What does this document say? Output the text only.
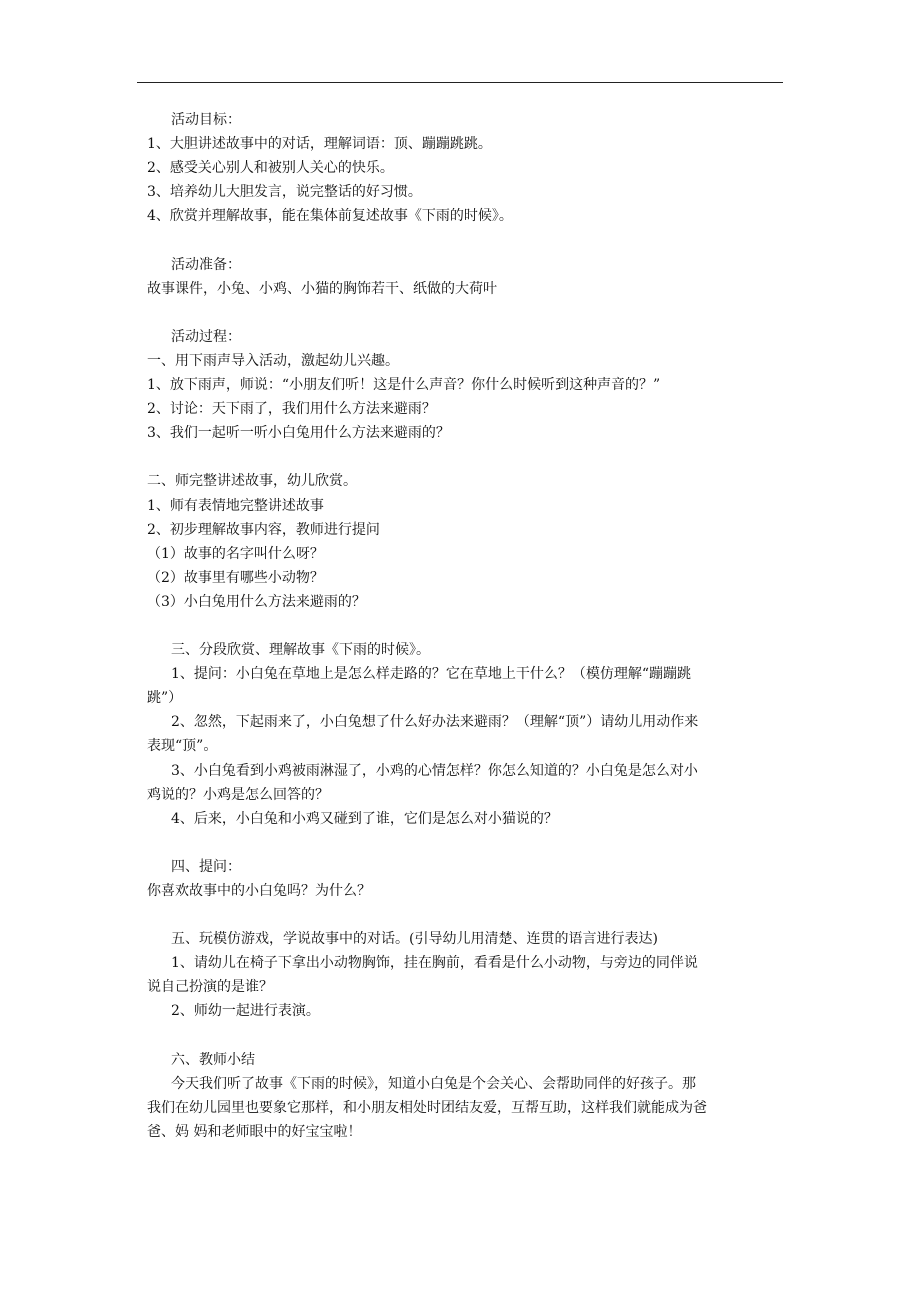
活动目标：
1、大胆讲述故事中的对话，理解词语：顶、蹦蹦跳跳。
2、感受关心别人和被别人关心的快乐。
3、培养幼儿大胆发言，说完整话的好习惯。
4、欣赏并理解故事，能在集体前复述故事《下雨的时候》。
活动准备：
故事课件，小兔、小鸡、小猫的胸饰若干、纸做的大荷叶
活动过程：
一、用下雨声导入活动，激起幼儿兴趣。
1、放下雨声，师说：“小朋友们听！这是什么声音？你什么时候听到这种声音的？”
2、讨论：天下雨了，我们用什么方法来避雨？
3、我们一起听一听小白兔用什么方法来避雨的？
二、师完整讲述故事，幼儿欣赏。
1、师有表情地完整讲述故事
2、初步理解故事内容，教师进行提问
（1）故事的名字叫什么呀？
（2）故事里有哪些小动物？
（3）小白兔用什么方法来避雨的？
三、分段欣赏、理解故事《下雨的时候》。
1、提问：小白兔在草地上是怎么样走路的？它在草地上干什么？（模仿理解“蹦蹦跳
跳”）
2、忽然，下起雨来了，小白兔想了什么好办法来避雨？（理解“顶”）请幼儿用动作来
表现“顶”。
3、小白兔看到小鸡被雨淋湿了，小鸡的心情怎样？你怎么知道的？小白兔是怎么对小
鸡说的？小鸡是怎么回答的？
4、后来，小白兔和小鸡又碰到了谁，它们是怎么对小猫说的？
四、提问：
你喜欢故事中的小白兔吗？为什么？
五、玩模仿游戏，学说故事中的对话。(引导幼儿用清楚、连贯的语言进行表达)
1、请幼儿在椅子下拿出小动物胸饰，挂在胸前，看看是什么小动物，与旁边的同伴说
说自己扮演的是谁？
2、师幼一起进行表演。
六、教师小结
今天我们听了故事《下雨的时候》，知道小白兔是个会关心、会帮助同伴的好孩子。那
我们在幼儿园里也要象它那样，和小朋友相处时团结友爱，互帮互助，这样我们就能成为爸
爸、妈 妈和老师眼中的好宝宝啦！
